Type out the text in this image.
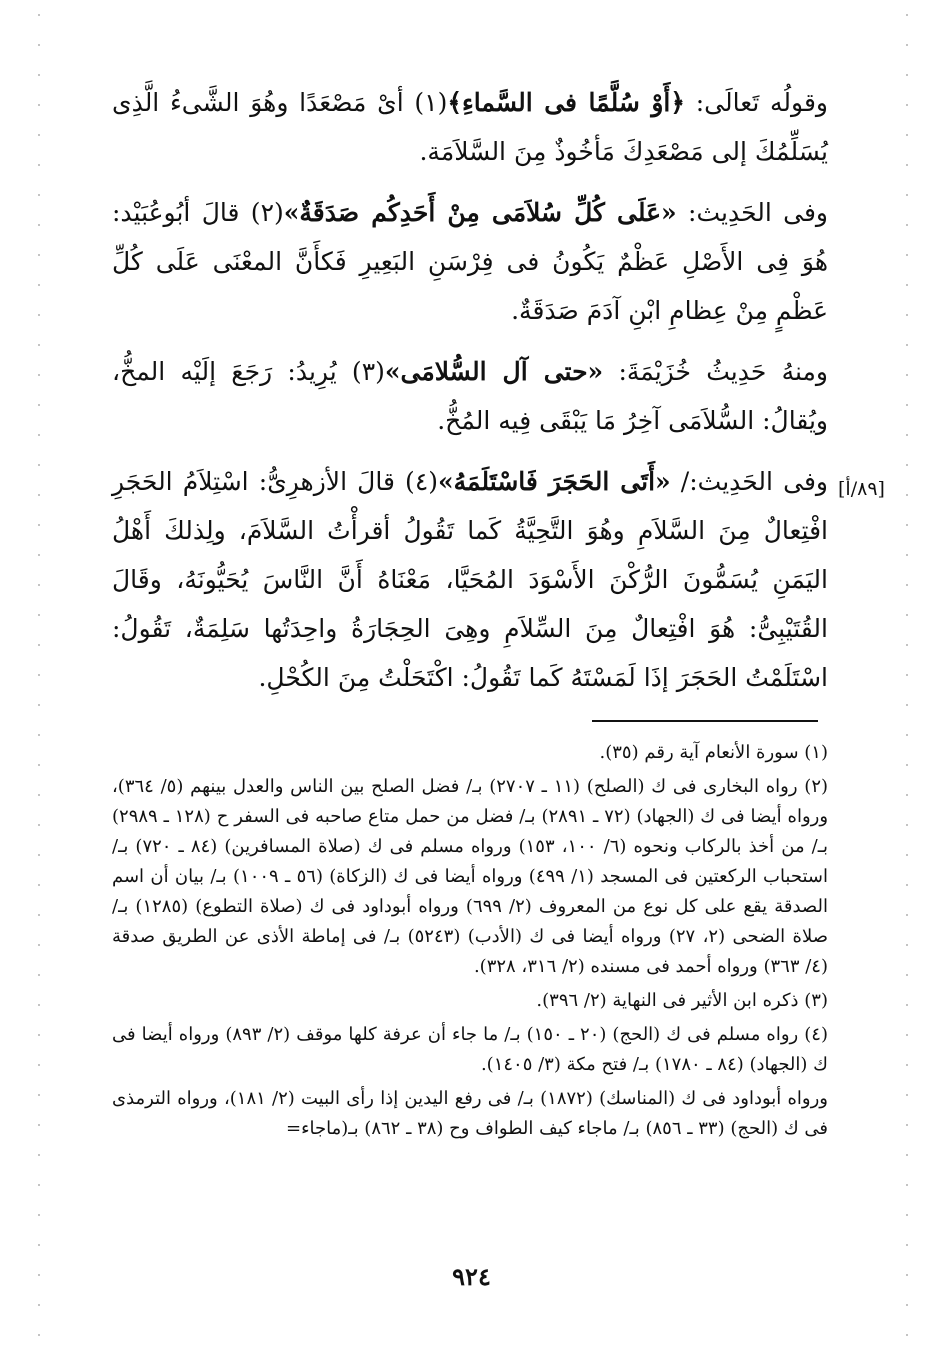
وقولُه تَعالَى: ﴿أَوْ سُلَّمًا فى السَّماءِ﴾(١) أىْ مَصْعَدًا وهُوَ الشَّىءُ الَّذِى يُسَلِّمُكَ إلى مَصْعَدِكَ مَأخُوذٌ مِنَ السَّلاَمَة.

وفى الحَدِيث: «عَلَى كُلِّ سُلاَمَى مِنْ أَحَدِكُم صَدَقَةٌ»(٢) قالَ أبُوعُبَيْد: هُوَ فِى الأَصْلِ عَظْمٌ يَكُونُ فى فِرْسَنِ البَعِيرِ فَكأَنَّ المعْنَى عَلَى كُلِّ عَظْمٍ مِنْ عِظامِ ابْنِ آدَمَ صَدَقَةٌ.

ومنهُ حَدِيثُ خُزَيْمَةَ: «حتى آل السُّلامَى»(٣) يُرِيدُ: رَجَعَ إلَيْه المخُّ، ويُقالُ: السُّلاَمَى آخِرُ مَا يَبْقَى فِيه المُخُّ.

وفى الحَدِيث:/ «أَتَى الحَجَرَ فَاسْتَلَمَهُ»(٤) قالَ الأزهرِىُّ: اسْتِلاَمُ الحَجَرِ افْتِعالٌ مِنَ السَّلاَمِ وهُوَ التَّحِيَّةُ كَما تَقُولُ أقرأْتُ السَّلاَمَ، ولِذلكَ أَهْلُ اليَمَنِ يُسَمُّونَ الرُّكْنَ الأَسْوَدَ المُحَيَّا، مَعْنَاهُ أَنَّ النَّاسَ يُحَيُّونَهُ، وقَالَ القُتَيْبِىُّ: هُوَ افْتِعالٌ مِنَ السِّلاَمِ وهِىَ الحِجَارَةُ واحِدَتُها سَلِمَةٌ، تَقُولُ: اسْتَلَمْتُ الحَجَرَ إذَا لَمَسْتَهُ كَما تَقُولُ: اكْتَحَلْتُ مِنَ الكُحْلِ.

[٨٩/أ]

(١) سورة الأنعام آية رقم (٣٥).

(٢) رواه البخارى فى ك (الصلح) (١١ ـ ٢٧٠٧) بـ/ فضل الصلح بين الناس والعدل بينهم (٥/ ٣٦٤)، ورواه أيضا فى ك (الجهاد) (٧٢ ـ ٢٨٩١) بـ/ فضل من حمل متاع صاحبه فى السفر ح (١٢٨ ـ ٢٩٨٩) بـ/ من أخذ بالركاب ونحوه (٦/ ١٠٠، ١٥٣) ورواه مسلم فى ك (صلاة المسافرين) (٨٤ ـ ٧٢٠) بـ/ استحباب الركعتين فى المسجد (١/ ٤٩٩) ورواه أيضا فى ك (الزكاة) (٥٦ ـ ١٠٠٩) بـ/ بيان أن اسم الصدقة يقع على كل نوع من المعروف (٢/ ٦٩٩) ورواه أبوداود فى ك (صلاة التطوع) (١٢٨٥) بـ/ صلاة الضحى (٢، ٢٧) ورواه أيضا فى ك (الأدب) (٥٢٤٣) بـ/ فى إماطة الأذى عن الطريق صدقة (٤/ ٣٦٣) ورواه أحمد فى مسنده (٢/ ٣١٦، ٣٢٨).

(٣) ذكره ابن الأثير فى النهاية (٢/ ٣٩٦).

(٤) رواه مسلم فى ك (الحج) (٢٠ ـ ١٥٠) بـ/ ما جاء أن عرفة كلها موقف (٢/ ٨٩٣) ورواه أيضا فى ك (الجهاد) (٨٤ ـ ١٧٨٠) بـ/ فتح مكة (٣/ ١٤٠٥).

ورواه أبوداود فى ك (المناسك) (١٨٧٢) بـ/ فى رفع اليدين إذا رأى البيت (٢/ ١٨١)، ورواه الترمذى فى ك (الحج) (٣٣ ـ ٨٥٦) بـ/ ماجاء كيف الطواف وح (٣٨ ـ ٨٦٢) بـ(ماجاء=

٩٢٤
